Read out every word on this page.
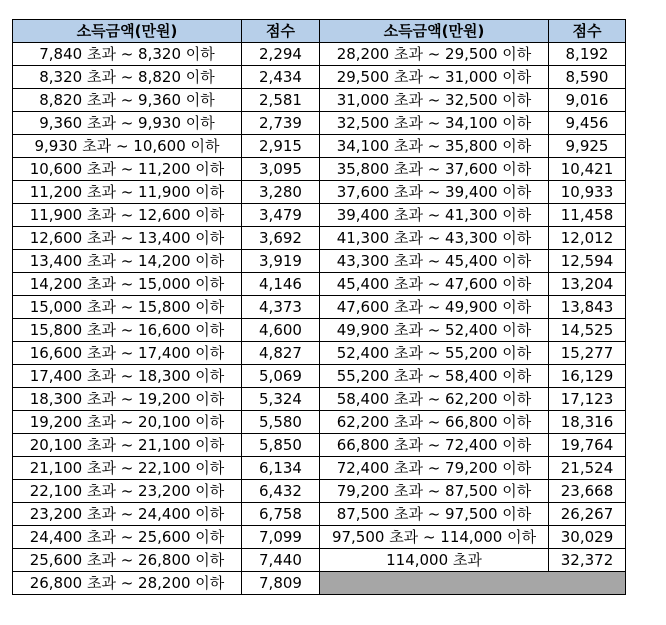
소득금액(만원)	점수	소득금액(만원)	점수
7,840 초과 ~ 8,320 이하	2,294	28,200 초과 ~ 29,500 이하	8,192
8,320 초과 ~ 8,820 이하	2,434	29,500 초과 ~ 31,000 이하	8,590
8,820 초과 ~ 9,360 이하	2,581	31,000 초과 ~ 32,500 이하	9,016
9,360 초과 ~ 9,930 이하	2,739	32,500 초과 ~ 34,100 이하	9,456
9,930 초과 ~ 10,600 이하	2,915	34,100 초과 ~ 35,800 이하	9,925
10,600 초과 ~ 11,200 이하	3,095	35,800 초과 ~ 37,600 이하	10,421
11,200 초과 ~ 11,900 이하	3,280	37,600 초과 ~ 39,400 이하	10,933
11,900 초과 ~ 12,600 이하	3,479	39,400 초과 ~ 41,300 이하	11,458
12,600 초과 ~ 13,400 이하	3,692	41,300 초과 ~ 43,300 이하	12,012
13,400 초과 ~ 14,200 이하	3,919	43,300 초과 ~ 45,400 이하	12,594
14,200 초과 ~ 15,000 이하	4,146	45,400 초과 ~ 47,600 이하	13,204
15,000 초과 ~ 15,800 이하	4,373	47,600 초과 ~ 49,900 이하	13,843
15,800 초과 ~ 16,600 이하	4,600	49,900 초과 ~ 52,400 이하	14,525
16,600 초과 ~ 17,400 이하	4,827	52,400 초과 ~ 55,200 이하	15,277
17,400 초과 ~ 18,300 이하	5,069	55,200 초과 ~ 58,400 이하	16,129
18,300 초과 ~ 19,200 이하	5,324	58,400 초과 ~ 62,200 이하	17,123
19,200 초과 ~ 20,100 이하	5,580	62,200 초과 ~ 66,800 이하	18,316
20,100 초과 ~ 21,100 이하	5,850	66,800 초과 ~ 72,400 이하	19,764
21,100 초과 ~ 22,100 이하	6,134	72,400 초과 ~ 79,200 이하	21,524
22,100 초과 ~ 23,200 이하	6,432	79,200 초과 ~ 87,500 이하	23,668
23,200 초과 ~ 24,400 이하	6,758	87,500 초과 ~ 97,500 이하	26,267
24,400 초과 ~ 25,600 이하	7,099	97,500 초과 ~ 114,000 이하	30,029
25,600 초과 ~ 26,800 이하	7,440	114,000 초과	32,372
26,800 초과 ~ 28,200 이하	7,809		
